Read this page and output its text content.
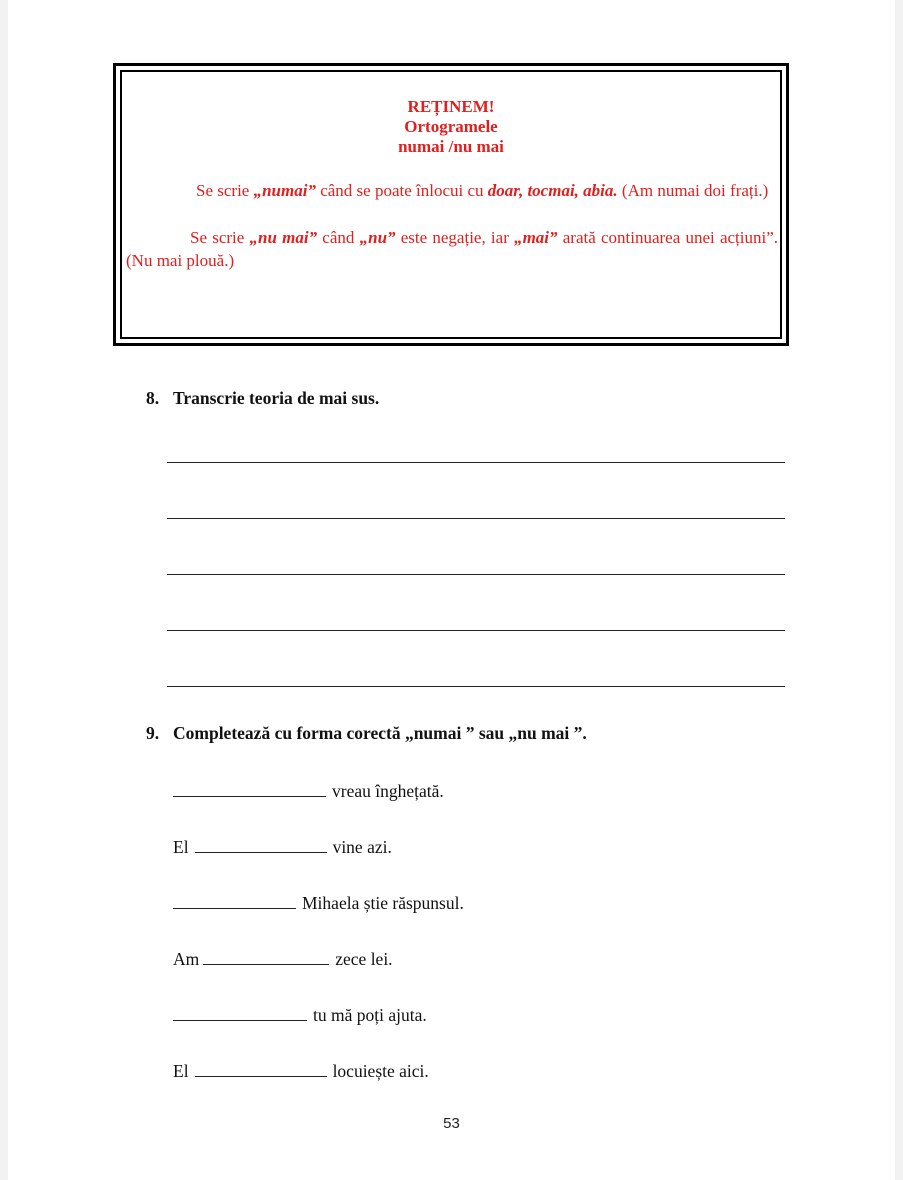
REȚINEM!
Ortogramele
numai /nu mai

Se scrie „numai” când se poate înlocui cu doar, tocmai, abia. (Am numai doi frați.)

Se scrie „nu mai” când „nu” este negație, iar „mai” arată continuarea unei acțiuni”. (Nu mai plouă.)

8. Transcrie teoria de mai sus.
9. Completează cu forma corectă „numai ” sau „nu mai ”.
vreau înghețată.
El	vine azi.
Mihaela știe răspunsul.
Am	zece lei.
tu mă poți ajuta.
El	locuiește aici.
53
